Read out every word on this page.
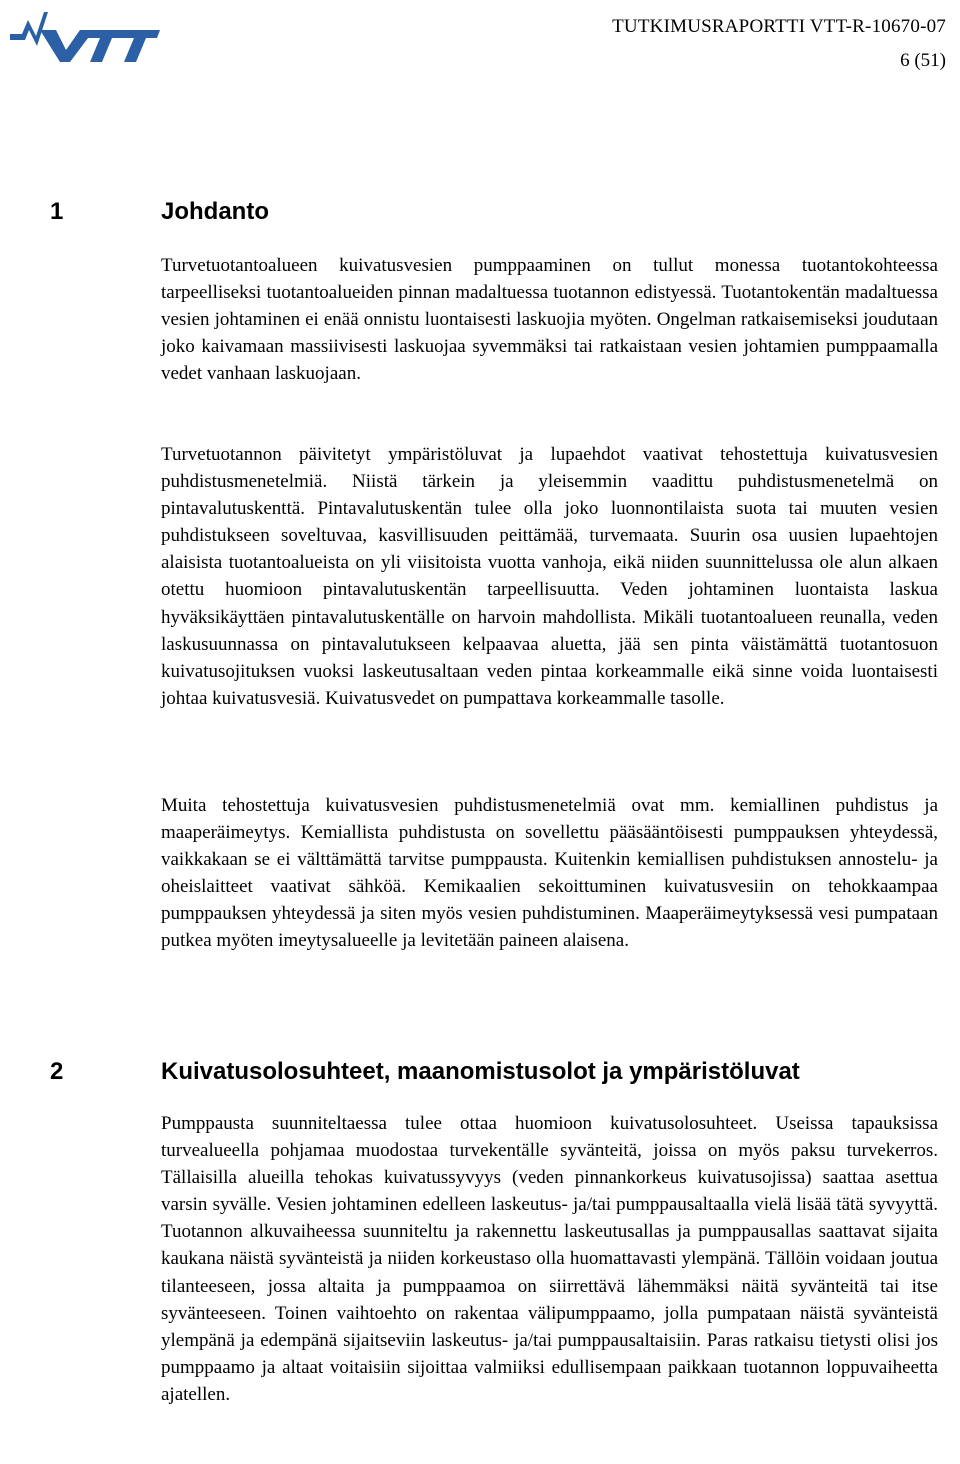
TUTKIMUSRAPORTTI VTT-R-10670-07
6 (51)
1	Johdanto

Turvetuotantoalueen kuivatusvesien pumppaaminen on tullut monessa tuotantokohteessa tarpeelliseksi tuotantoalueiden pinnan madaltuessa tuotannon edistyessä. Tuotantokentän madaltuessa vesien johtaminen ei enää onnistu luontaisesti laskuojia myöten. Ongelman ratkaisemiseksi joudutaan joko kaivamaan massiivisesti laskuojaa syvemmäksi tai ratkaistaan vesien johtamien pumppaamalla vedet vanhaan laskuojaan.

Turvetuotannon päivitetyt ympäristöluvat ja lupaehdot vaativat tehostettuja kuivatusvesien puhdistusmenetelmiä. Niistä tärkein ja yleisemmin vaadittu puhdistusmenetelmä on pintavalutuskenttä. Pintavalutuskentän tulee olla joko luonnontilaista suota tai muuten vesien puhdistukseen soveltuvaa, kasvillisuuden peittämää, turvemaata. Suurin osa uusien lupaehtojen alaisista tuotantoalueista on yli viisitoista vuotta vanhoja, eikä niiden suunnittelussa ole alun alkaen otettu huomioon pintavalutuskentän tarpeellisuutta. Veden johtaminen luontaista laskua hyväksikäyttäen pintavalutuskentälle on harvoin mahdollista. Mikäli tuotantoalueen reunalla, veden laskusuunnassa on pintavalutukseen kelpaavaa aluetta, jää sen pinta väistämättä tuotantosuon kuivatusojituksen vuoksi laskeutusaltaan veden pintaa korkeammalle eikä sinne voida luontaisesti johtaa kuivatusvesiä. Kuivatusvedet on pumpattava korkeammalle tasolle.

Muita tehostettuja kuivatusvesien puhdistusmenetelmiä ovat mm. kemiallinen puhdistus ja maaperäimeytys. Kemiallista puhdistusta on sovellettu pääsääntöisesti pumppauksen yhteydessä, vaikkakaan se ei välttämättä tarvitse pumppausta. Kuitenkin kemiallisen puhdistuksen annostelu- ja oheislaitteet vaativat sähköä. Kemikaalien sekoittuminen kuivatusvesiin on tehokkaampaa pumppauksen yhteydessä ja siten myös vesien puhdistuminen. Maaperäimeytyksessä vesi pumpataan putkea myöten imeytysalueelle ja levitetään paineen alaisena.

2	Kuivatusolosuhteet, maanomistusolot ja ympäristöluvat

Pumppausta suunniteltaessa tulee ottaa huomioon kuivatusolosuhteet. Useissa tapauksissa turvealueella pohjamaa muodostaa turvekentälle syvänteitä, joissa on myös paksu turvekerros. Tällaisilla alueilla tehokas kuivatussyvyys (veden pinnankorkeus kuivatusojissa) saattaa asettua varsin syvälle. Vesien johtaminen edelleen laskeutus- ja/tai pumppausaltaalla vielä lisää tätä syvyyttä. Tuotannon alkuvaiheessa suunniteltu ja rakennettu laskeutusallas ja pumppausallas saattavat sijaita kaukana näistä syvänteistä ja niiden korkeustaso olla huomattavasti ylempänä. Tällöin voidaan joutua tilanteeseen, jossa altaita ja pumppaamoa on siirrettävä lähemmäksi näitä syvänteitä tai itse syvänteeseen. Toinen vaihtoehto on rakentaa välipumppaamo, jolla pumpataan näistä syvänteistä ylempänä ja edempänä sijaitseviin laskeutus- ja/tai pumppausaltaisiin. Paras ratkaisu tietysti olisi jos pumppaamo ja altaat voitaisiin sijoittaa valmiiksi edullisempaan paikkaan tuotannon loppuvaiheetta ajatellen.
